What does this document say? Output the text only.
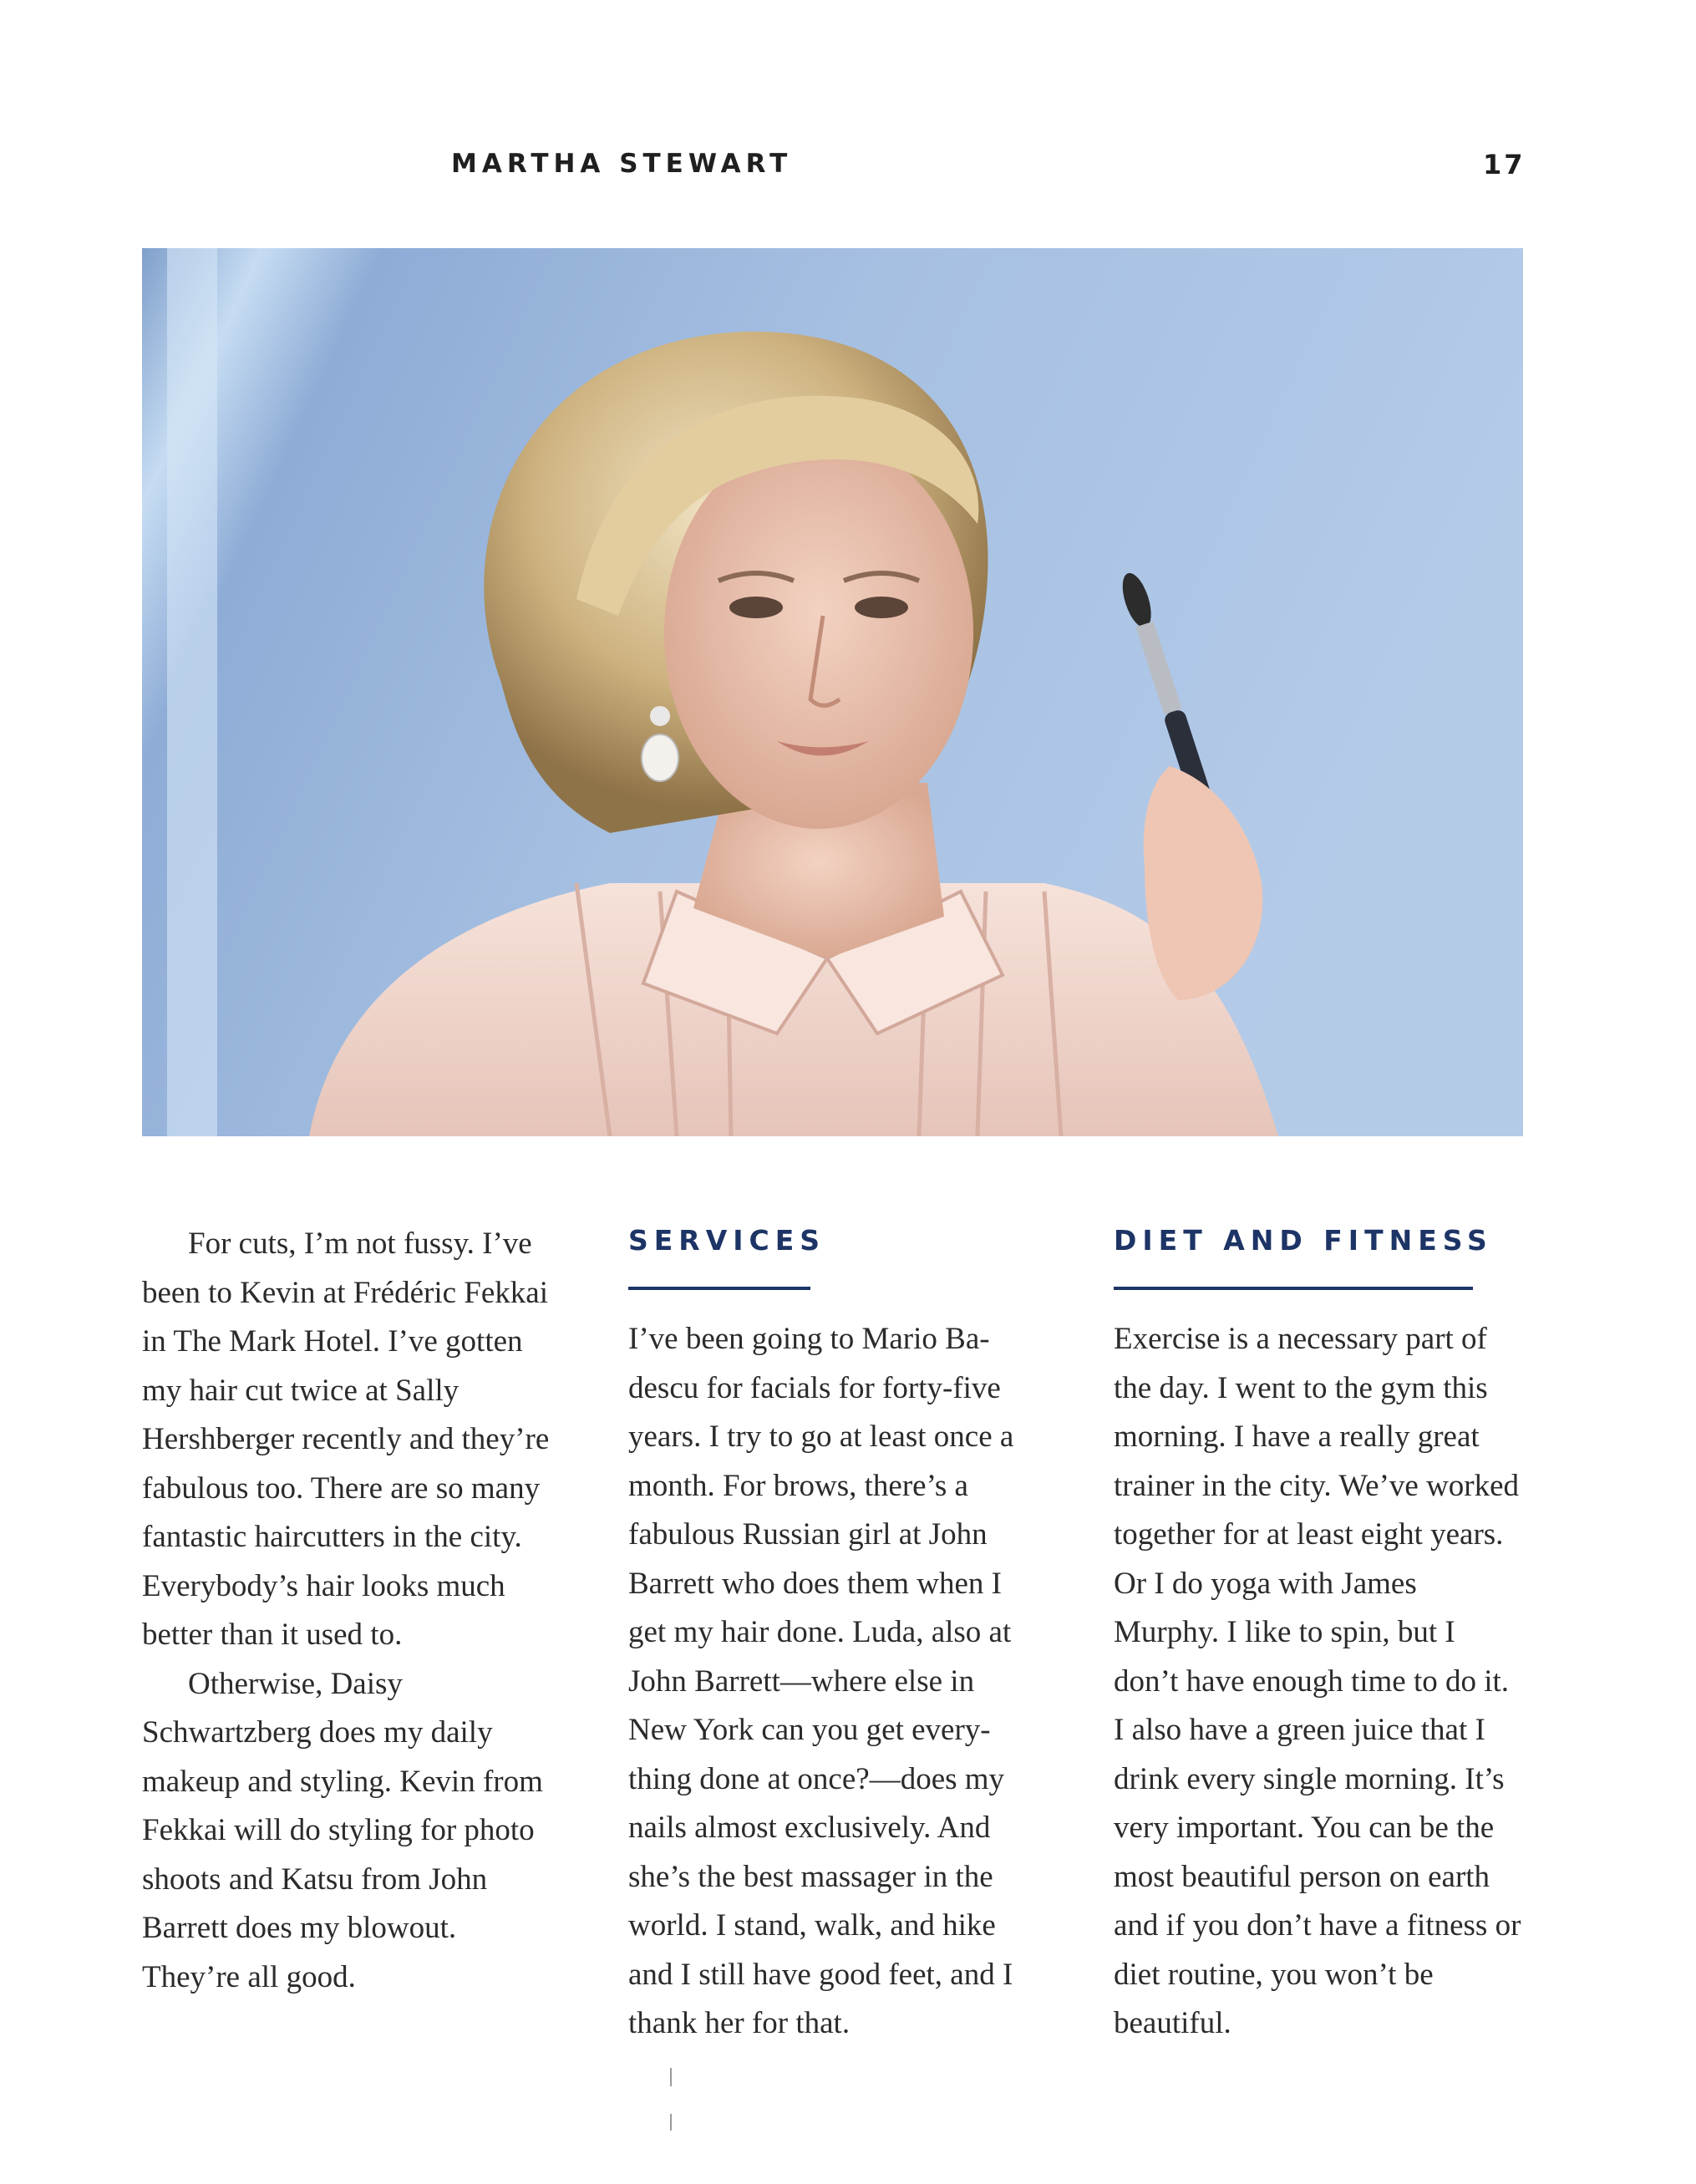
MARTHA STEWART	17

For cuts, I’m not fussy. I’ve been to Kevin at Frédéric Fekkai in The Mark Hotel. I’ve gotten my hair cut twice at Sally Hershberger recently and they’re fabulous too. There are so many fantastic haircutters in the city. Everybody’s hair looks much better than it used to.

Otherwise, Daisy Schwartzberg does my daily makeup and styling. Kevin from Fekkai will do styling for photo shoots and Katsu from John Barrett does my blowout. They’re all good.

SERVICES

I’ve been going to Mario Badescu for facials for forty-five years. I try to go at least once a month. For brows, there’s a fabulous Russian girl at John Barrett who does them when I get my hair done. Luda, also at John Barrett—where else in New York can you get everything done at once?—does my nails almost exclusively. And she’s the best massager in the world. I stand, walk, and hike and I still have good feet, and I thank her for that.

DIET AND FITNESS

Exercise is a necessary part of the day. I went to the gym this morning. I have a really great trainer in the city. We’ve worked together for at least eight years. Or I do yoga with James Murphy. I like to spin, but I don’t have enough time to do it. I also have a green juice that I drink every single morning. It’s very important. You can be the most beautiful person on earth and if you don’t have a fitness or diet routine, you won’t be beautiful.
